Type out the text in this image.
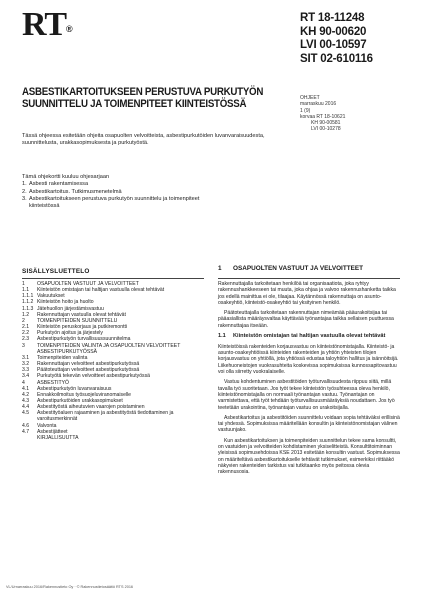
RT®
RT 18-11248
KH 90-00620
LVI 00-10597
SIT 02-610116
OHJEET
marraskuu 2016
1 (9)
korvaa RT 18-10621
KH 90-00581
LVI 00-10278
ASBESTIKARTOITUKSEEN PERUSTUVA PURKUTYÖN SUUNNITTELU JA TOIMENPITEET KIINTEISTÖSSÄ

Tässä ohjeessa esitetään ohjeita osapuolten velvoitteista, asbestipurkutöiden luvanvaraisuudesta, suunnittelusta, urakkasopimuksesta ja purkutyöstä.

Tämä ohjekortti kuuluu ohjesarjaan
1. Asbesti rakentamisessa
2. Asbestikartoitus. Tutkimusmenetelmä
3. Asbestikartoitukseen perustuva purkutyön suunnittelu ja toimenpiteet kiinteistössä
SISÄLLYSLUETTELO
1	OSAPUOLTEN VASTUUT JA VELVOITTEET
1.1	Kiinteistön omistajan tai haltijan vastuulla olevat tehtävät
1.1.1 Vakuutukset
1.1.2 Kiinteistön hoito ja huolto
1.1.3 Jätehuollon järjestämisvastuu
1.2	Rakennuttajan vastuulla olevat tehtävät
2	TOIMENPITEIDEN SUUNNITTELU
2.1	Kiinteistön peruskorjaus ja putkiremontti
2.2	Purkutyön ajoitus ja järjestely
2.3	Asbestipurkutyön turvallisuussuunnitelma
3	TOIMENPITEIDEN VALINTA JA OSAPUOLTEN VELVOITTEET ASBESTIPURKUTYÖSSÄ
3.1	Toimenpiteiden valinta
3.2	Rakennuttajan velvoitteet asbestipurkutyössä
3.3	Päätoteuttajan velvoitteet asbestipurkutyössä
3.4	Purkutyötä tekevän velvoitteet asbestipurkutyössä
4	ASBESTITYÖ
4.1	Asbestipurkutyön luvanvaraisuus
4.2	Ennakkoilmoitus työsuojeluviranomaiselle
4.3	Asbestipurkutöiden urakkasopimukset
4.4	Asbestityöstä aiheutuvien vaarojen poistaminen
4.5	Asbestityöaluen rajaaminen ja asbestityöstä tiedottaminen ja varoitusmerkinnät
4.6	Valvonta
4.7	Asbestijätteet
KIRJALLISUUTTA
1	OSAPUOLTEN VASTUUT JA VELVOITTEET

Rakennuttajalla tarkoitetaan henkilöä tai organisaatiota, joka ryhtyy rakennushankkeeseen tai muuta, joka ohjaa ja valvoo rakennushanketta taikka jos edellä mainittua ei ole, tilaajaa. Käytännössä rakennuttaja on asunto-osakeyhtiö, kiinteistö-osakeyhtiö tai yksityinen henkilö.

Päätoteuttajalla tarkoitetaan rakennuttajan nimeämää pääurakoitsijaa tai pääasiallista määräysvaltaa käyttävää työnantajaa taikka sellaisen puuttuessa rakennuttajaa itseään.

1.1	Kiinteistön omistajan tai haltijan vastuulla olevat tehtävät

Kiinteistöissä rakenteiden korjausvastuu on kiinteistönomistajalla. Kiinteistö- ja asunto-osakeyhtiöissä kiinteiden rakenteiden ja yhtiön yhteisten tilojen korjausvastuu on yhtiöllä, jota yhtiössä edustaa taloyhtiön hallitus ja isännöitsijä. Liikehuoneistojen vuokrasuhteita koskevissa sopimuksissa kunnossapitovastuu voi olla siirretty vuokralaiselle.

Vastuu kohdentuminen asbestitöiden työturvallisuudesta riippuu siitä, millä tavalla työ suoritetaan. Jos työt tekee kiinteistön työsuhteessa oleva henkilö, kiinteistönomistajalla on normaali työnantajan vastuu. Työnantajan on varmistettava, että työt tehdään työturvallisuusmääräyksiä noudattaen. Jos työ teetetään urakointina, työnantajan vastuu on urakoitsijalla.

Asbestikartoitus ja asbestitöiden suunnittelu voidaan sopia tehtäväksi erillisinä tai yhdessä. Sopimuksissa määritellään konsultin ja kiinteistönomistajan välinen vastuunjako.

Kun asbestikartoituksen ja toimenpiteiden suunnittelun tekee sama konsultti, on vastuiden ja velvoitteiden kohdistaminen yksiselitteistä. Konsulttitoiminnan yleisissä sopimusehdoissa KSE 2013 esitetään konsultin vastuut. Sopimuksessa on määriteltävä asbestikartoitukselle tehtävät tutkimukset, esimerkiksi riittääkö näkyvien rakenteiden tarkistus vai tutkitaanko myös peitossa olevia rakennusosia.

VL/Urnarraskuu 2016/Rakennustieto Oy · © Rakennustietosäätiö RTS 2016
